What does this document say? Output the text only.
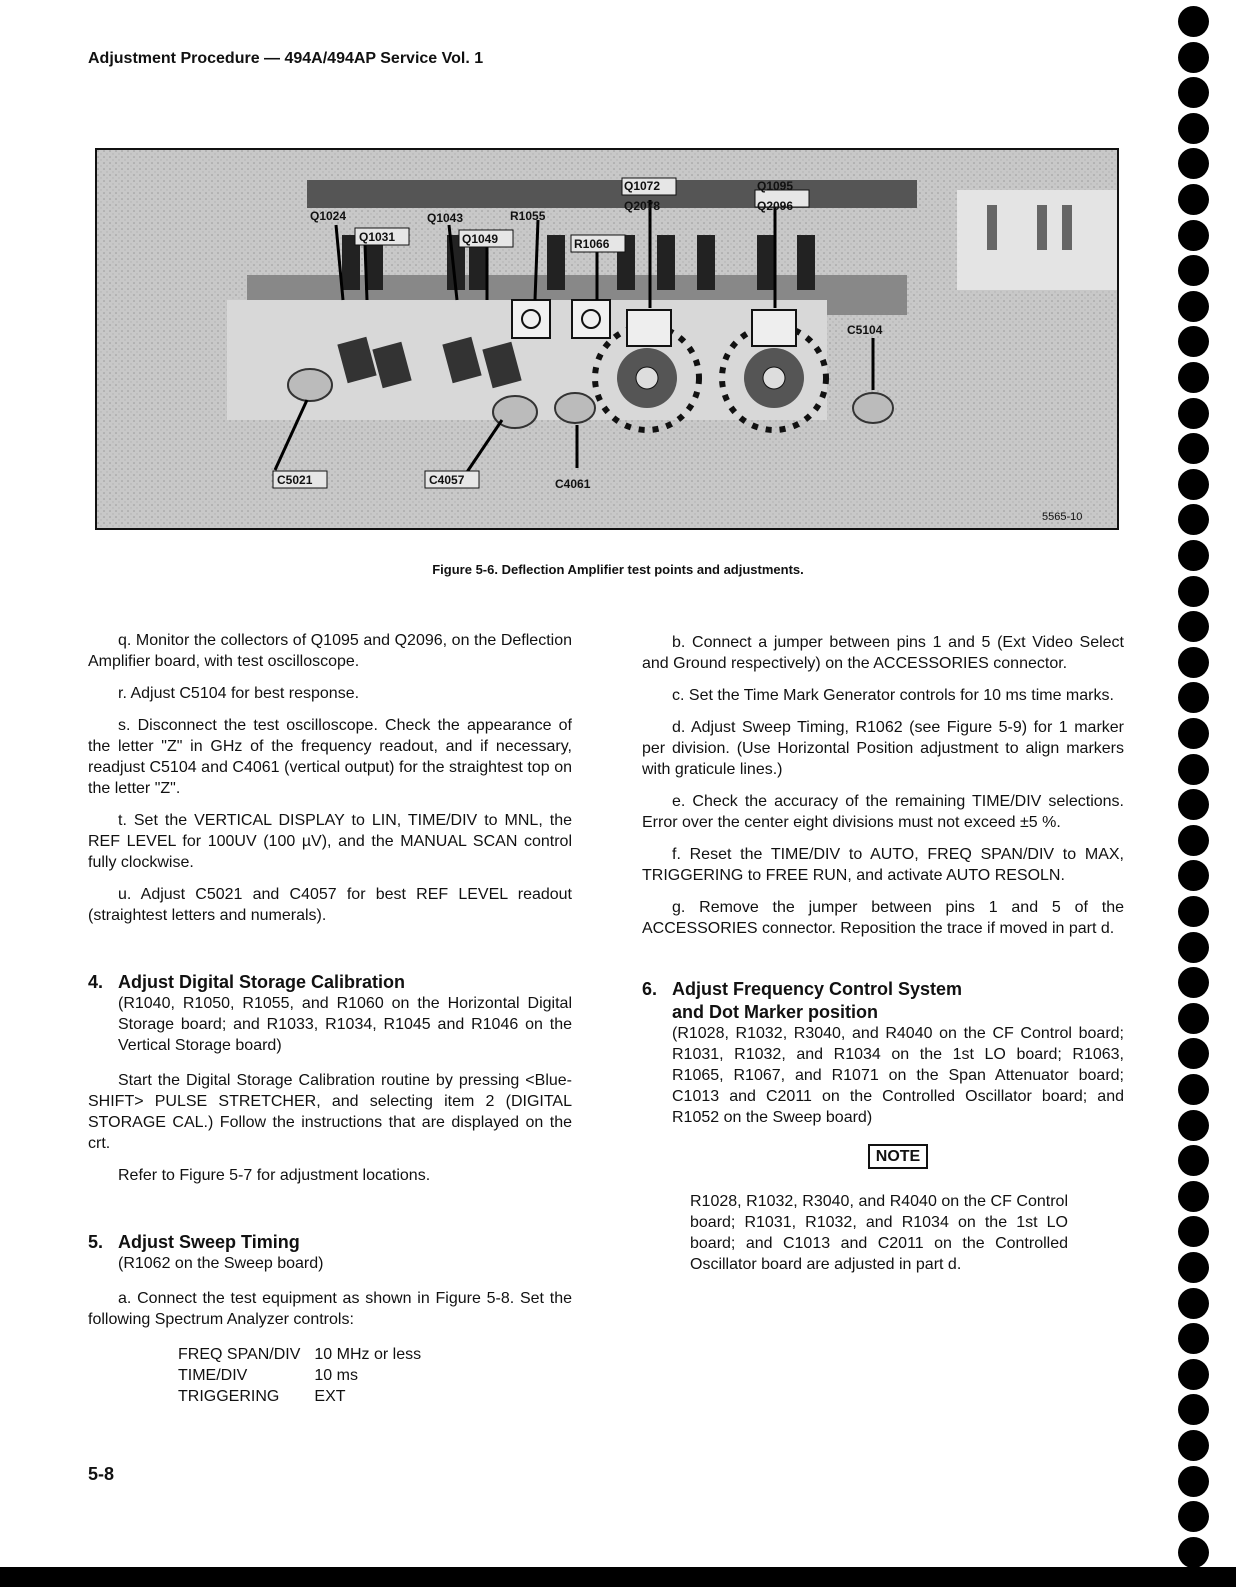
Adjustment Procedure — 494A/494AP Service Vol. 1
Q1024
Q1031
Q1043
Q1049
R1055
R1066
Q1072
Q2078
Q1095
Q2096
C5104
C5021	C4057	C4061
5565-10
Figure 5-6. Deflection Amplifier test points and adjustments.

q. Monitor the collectors of Q1095 and Q2096, on the Deflection Amplifier board, with test oscilloscope.

r. Adjust C5104 for best response.

s. Disconnect the test oscilloscope. Check the appearance of the letter "Z" in GHz of the frequency readout, and if necessary, readjust C5104 and C4061 (vertical output) for the straightest top on the letter "Z".

t. Set the VERTICAL DISPLAY to LIN, TIME/DIV to MNL, the REF LEVEL for 100UV (100 µV), and the MANUAL SCAN control fully clockwise.

u. Adjust C5021 and C4057 for best REF LEVEL readout (straightest letters and numerals).

4. Adjust Digital Storage Calibration
(R1040, R1050, R1055, and R1060 on the Horizontal Digital Storage board; and R1033, R1034, R1045 and R1046 on the Vertical Storage board)

Start the Digital Storage Calibration routine by pressing <Blue-SHIFT> PULSE STRETCHER, and selecting item 2 (DIGITAL STORAGE CAL.) Follow the instructions that are displayed on the crt.

Refer to Figure 5-7 for adjustment locations.

5. Adjust Sweep Timing
(R1062 on the Sweep board)

a. Connect the test equipment as shown in Figure 5-8. Set the following Spectrum Analyzer controls:

FREQ SPAN/DIV	10 MHz or less
TIME/DIV	10 ms
TRIGGERING	EXT

b. Connect a jumper between pins 1 and 5 (Ext Video Select and Ground respectively) on the ACCESSORIES connector.

c. Set the Time Mark Generator controls for 10 ms time marks.

d. Adjust Sweep Timing, R1062 (see Figure 5-9) for 1 marker per division. (Use Horizontal Position adjustment to align markers with graticule lines.)

e. Check the accuracy of the remaining TIME/DIV selections. Error over the center eight divisions must not exceed ±5 %.

f. Reset the TIME/DIV to AUTO, FREQ SPAN/DIV to MAX, TRIGGERING to FREE RUN, and activate AUTO RESOLN.

g. Remove the jumper between pins 1 and 5 of the ACCESSORIES connector. Reposition the trace if moved in part d.

6. Adjust Frequency Control System
and Dot Marker position
(R1028, R1032, R3040, and R4040 on the CF Control board; R1031, R1032, and R1034 on the 1st LO board; R1063, R1065, R1067, and R1071 on the Span Attenuator board; C1013 and C2011 on the Controlled Oscillator board; and R1052 on the Sweep board)
NOTE

R1028, R1032, R3040, and R4040 on the CF Control board; R1031, R1032, and R1034 on the 1st LO board; and C1013 and C2011 on the Controlled Oscillator board are adjusted in part d.

5-8
